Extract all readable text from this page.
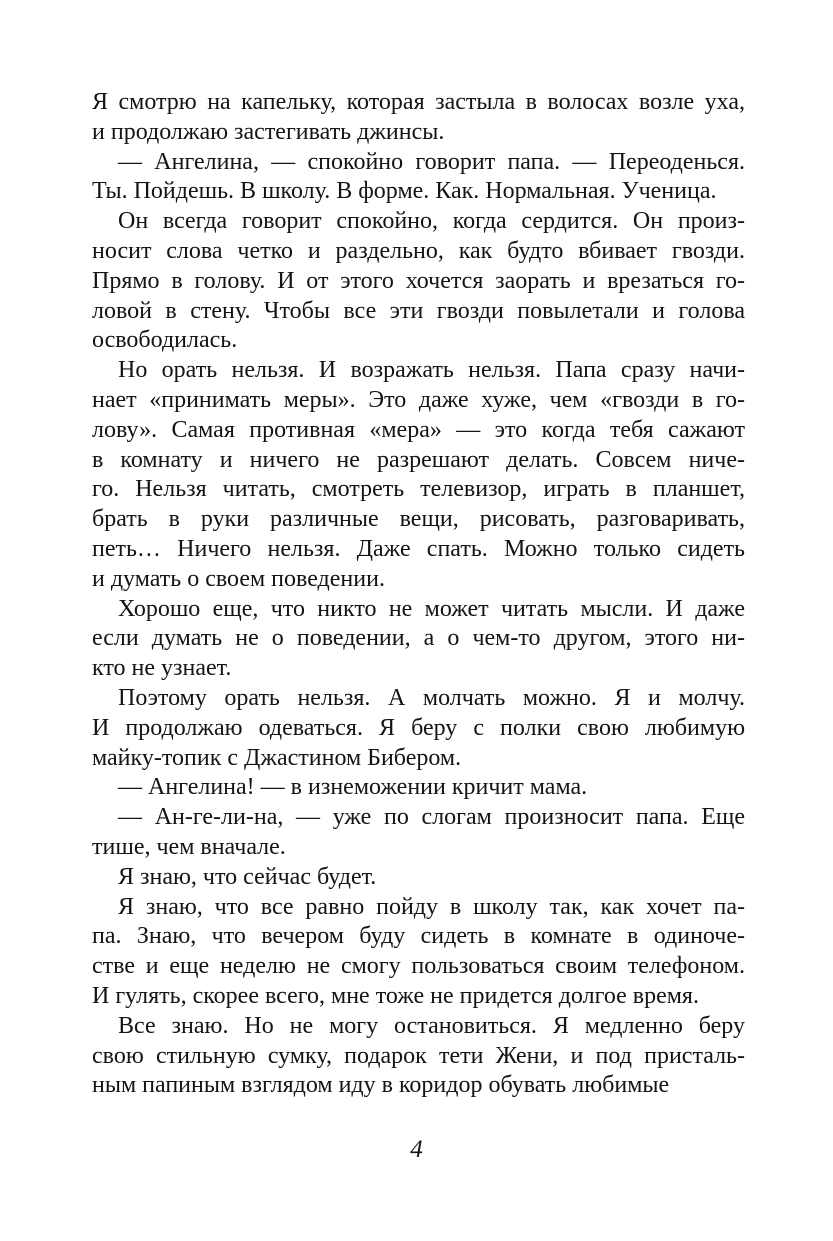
Я смотрю на капельку, которая застыла в волосах возле уха,
и продолжаю застегивать джинсы.
— Ангелина, — спокойно говорит папа. — Переоденься.
Ты. Пойдешь. В школу. В форме. Как. Нормальная. Ученица.
Он всегда говорит спокойно, когда сердится. Он произ-
носит слова четко и раздельно, как будто вбивает гвозди.
Прямо в голову. И от этого хочется заорать и врезаться го-
ловой в стену. Чтобы все эти гвозди повылетали и голова
освободилась.
Но орать нельзя. И возражать нельзя. Папа сразу начи-
нает «принимать меры». Это даже хуже, чем «гвозди в го-
лову». Самая противная «мера» — это когда тебя сажают
в комнату и ничего не разрешают делать. Совсем ниче-
го. Нельзя читать, смотреть телевизор, играть в планшет,
брать в руки различные вещи, рисовать, разговаривать,
петь… Ничего нельзя. Даже спать. Можно только сидеть
и думать о своем поведении.
Хорошо еще, что никто не может читать мысли. И даже
если думать не о поведении, а о чем-то другом, этого ни-
кто не узнает.
Поэтому орать нельзя. А молчать можно. Я и молчу.
И продолжаю одеваться. Я беру с полки свою любимую
майку-топик с Джастином Бибером.
— Ангелина! — в изнеможении кричит мама.
— Ан-ге-ли-на, — уже по слогам произносит папа. Еще
тише, чем вначале.
Я знаю, что сейчас будет.
Я знаю, что все равно пойду в школу так, как хочет па-
па. Знаю, что вечером буду сидеть в комнате в одиноче-
стве и еще неделю не смогу пользоваться своим телефоном.
И гулять, скорее всего, мне тоже не придется долгое время.
Все знаю. Но не могу остановиться. Я медленно беру
свою стильную сумку, подарок тети Жени, и под присталь-
ным папиным взглядом иду в коридор обувать любимые
4
